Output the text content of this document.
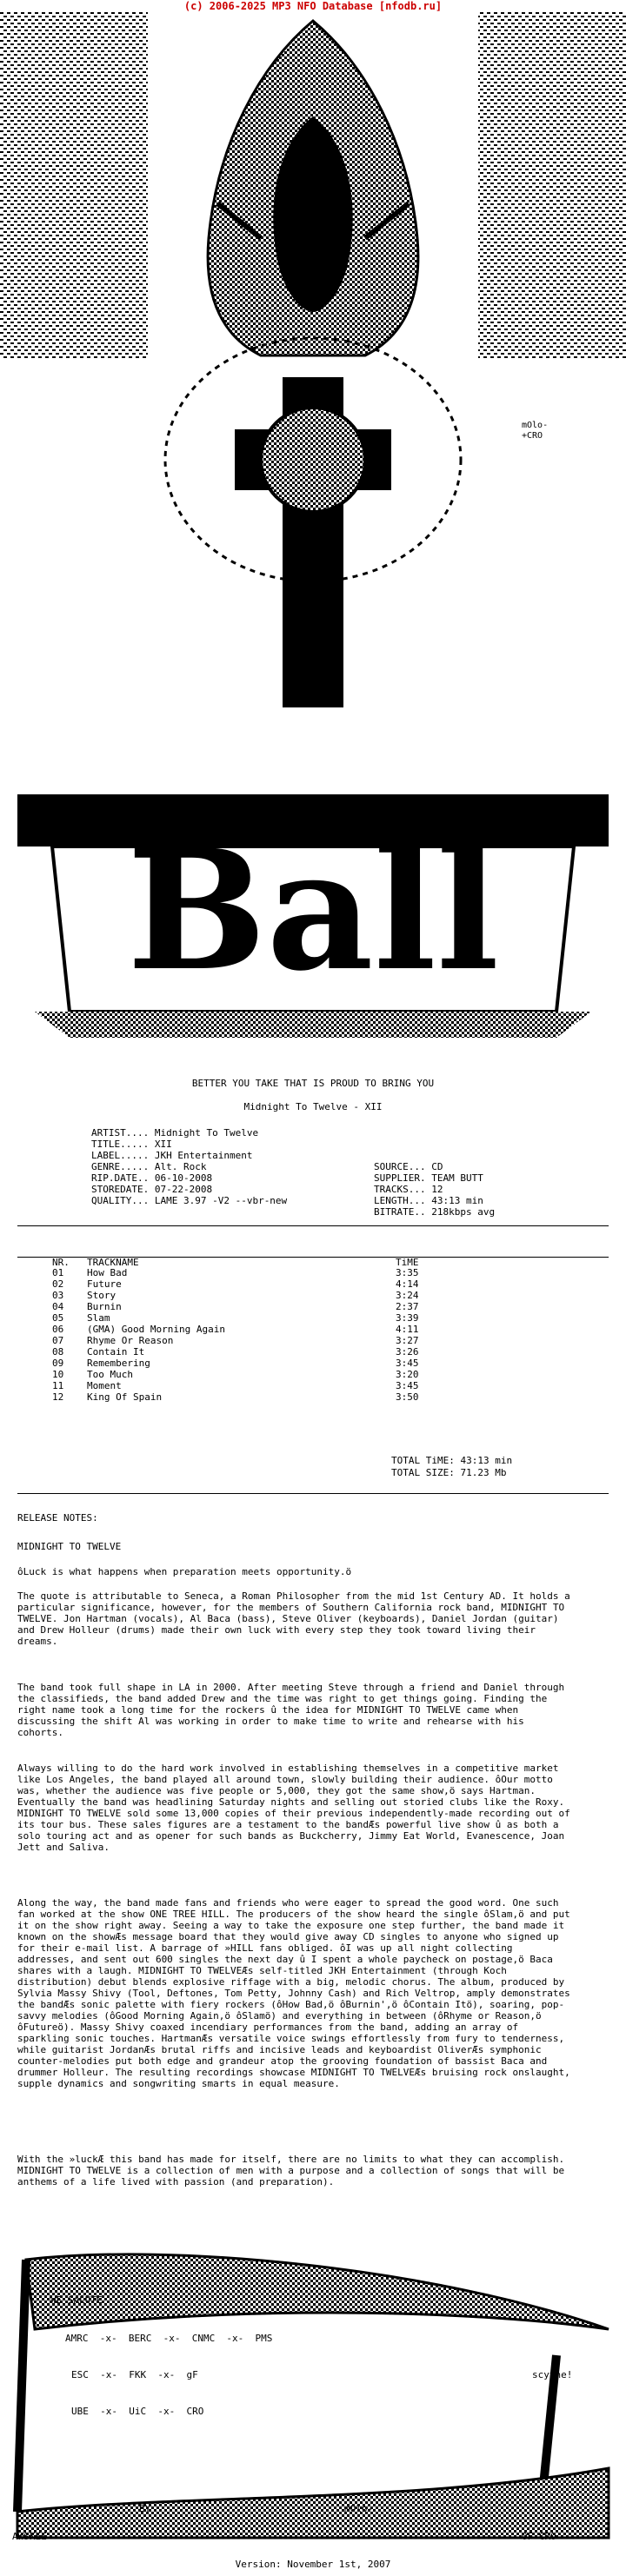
(c) 2006-2025 MP3 NFO Database [nfodb.ru]
mOlo-
+CRO
Ball
BETTER YOU TAKE THAT IS PROUD TO BRING YOU
Midnight To Twelve - XII
ARTIST.... Midnight To Twelve
TITLE..... XII
LABEL..... JKH Entertainment
GENRE..... Alt. Rock
RIP.DATE.. 06-10-2008
STOREDATE. 07-22-2008
QUALITY... LAME 3.97 -V2 --vbr-new
SOURCE... CD
SUPPLIER. TEAM BUTT
TRACKS... 12
LENGTH... 43:13 min
BITRATE.. 218kbps avg

NR.	TRACKNAME	TiME

01	How Bad	3:35
02	Future	4:14
03	Story	3:24
04	Burnin	2:37
05	Slam	3:39
06	(GMA) Good Morning Again	4:11
07	Rhyme Or Reason	3:27
08	Contain It	3:26
09	Remembering	3:45
10	Too Much	3:20
11	Moment	3:45
12	King Of Spain	3:50
TOTAL TiME: 43:13 min
TOTAL SIZE: 71.23 Mb
RELEASE NOTES:
MIDNIGHT TO TWELVE
ôLuck is what happens when preparation meets opportunity.ö
The quote is attributable to Seneca, a Roman Philosopher from the mid 1st Century AD. It holds a particular significance, however, for the members of Southern California rock band, MIDNIGHT TO TWELVE. Jon Hartman (vocals), Al Baca (bass), Steve Oliver (keyboards), Daniel Jordan (guitar) and Drew Holleur (drums) made their own luck with every step they took toward living their dreams.
The band took full shape in LA in 2000. After meeting Steve through a friend and Daniel through the classifieds, the band added Drew and the time was right to get things going. Finding the right name took a long time for the rockers û the idea for MIDNIGHT TO TWELVE came when discussing the shift Al was working in order to make time to write and rehearse with his cohorts.
Always willing to do the hard work involved in establishing themselves in a competitive market like Los Angeles, the band played all around town, slowly building their audience. ôOur motto was, whether the audience was five people or 5,000, they got the same show,ö says Hartman. Eventually the band was headlining Saturday nights and selling out storied clubs like the Roxy. MIDNIGHT TO TWELVE sold some 13,000 copies of their previous independently-made recording out of its tour bus. These sales figures are a testament to the bandÆs powerful live show û as both a solo touring act and as opener for such bands as Buckcherry, Jimmy Eat World, Evanescence, Joan Jett and Saliva.
Along the way, the band made fans and friends who were eager to spread the good word. One such fan worked at the show ONE TREE HILL. The producers of the show heard the single ôSlam,ö and put it on the show right away. Seeing a way to take the exposure one step further, the band made it known on the showÆs message board that they would give away CD singles to anyone who signed up for their e-mail list. A barrage of »HILL fans obliged. ôI was up all night collecting addresses, and sent out 600 singles the next day û I spent a whole paycheck on postage,ö Baca shares with a laugh. MIDNIGHT TO TWELVEÆs self-titled JKH Entertainment (through Koch distribution) debut blends explosive riffage with a big, melodic chorus. The album, produced by Sylvia Massy Shivy (Tool, Deftones, Tom Petty, Johnny Cash) and Rich Veltrop, amply demonstrates the bandÆs sonic palette with fiery rockers (ôHow Bad,ö ôBurnin',ö ôContain Itö), soaring, pop-savvy melodies (ôGood Morning Again,ö ôSlamö) and everything in between (ôRhyme or Reason,ö ôFutureö). Massy Shivy coaxed incendiary performances from the band, adding an array of sparkling sonic touches. HartmanÆs versatile voice swings effortlessly from fury to tenderness, while guitarist JordanÆs brutal riffs and incisive leads and keyboardist OliverÆs symphonic counter-melodies put both edge and grandeur atop the grooving foundation of bassist Baca and drummer Holleur. The resulting recordings showcase MIDNIGHT TO TWELVEÆs bruising rock onslaught, supple dynamics and songwriting smarts in equal measure.
With the »luckÆ this band has made for itself, there are no limits to what they can accomplish. MIDNIGHT TO TWELVE is a collection of men with a purpose and a collection of songs that will be anthems of a life lived with passion (and preparation).
WE SALUTE
AMRC  -x-  BERC  -x-  CNMC  -x-  PMS
ESC  -x-  FKK  -x-  gF
UBE  -x-  UiC  -x-  CRO
scythe!
BY	mOlo-
AWSKEE	OF CRO
Version: November 1st, 2007
